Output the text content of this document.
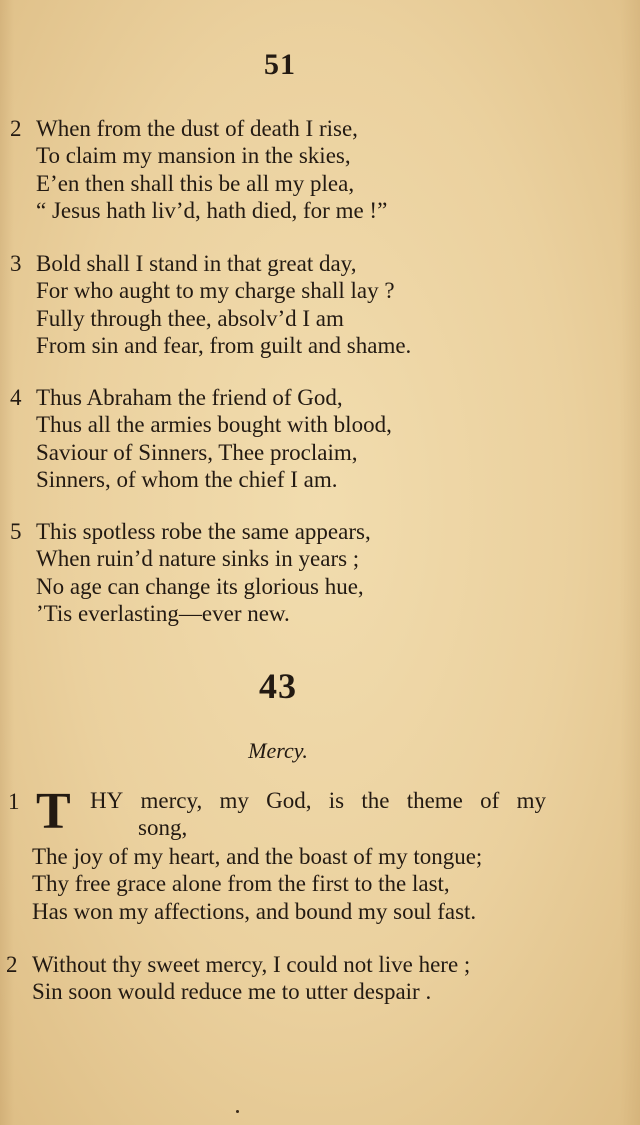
51
2 When from the dust of death I rise,
To claim my mansion in the skies,
E’en then shall this be all my plea,
“ Jesus hath liv’d, hath died, for me !”
3 Bold shall I stand in that great day,
For who aught to my charge shall lay ?
Fully through thee, absolv’d I am
From sin and fear, from guilt and shame.
4 Thus Abraham the friend of God,
Thus all the armies bought with blood,
Saviour of Sinners, Thee proclaim,
Sinners, of whom the chief I am.
5 This spotless robe the same appears,
When ruin’d nature sinks in years ;
No age can change its glorious hue,
’Tis everlasting—ever new.
43
Mercy.
1 T HY mercy, my God, is the theme of my
song,
The joy of my heart, and the boast of my tongue;
Thy free grace alone from the first to the last,
Has won my affections, and bound my soul fast.
2 Without thy sweet mercy, I could not live here ;
Sin soon would reduce me to utter despair .
